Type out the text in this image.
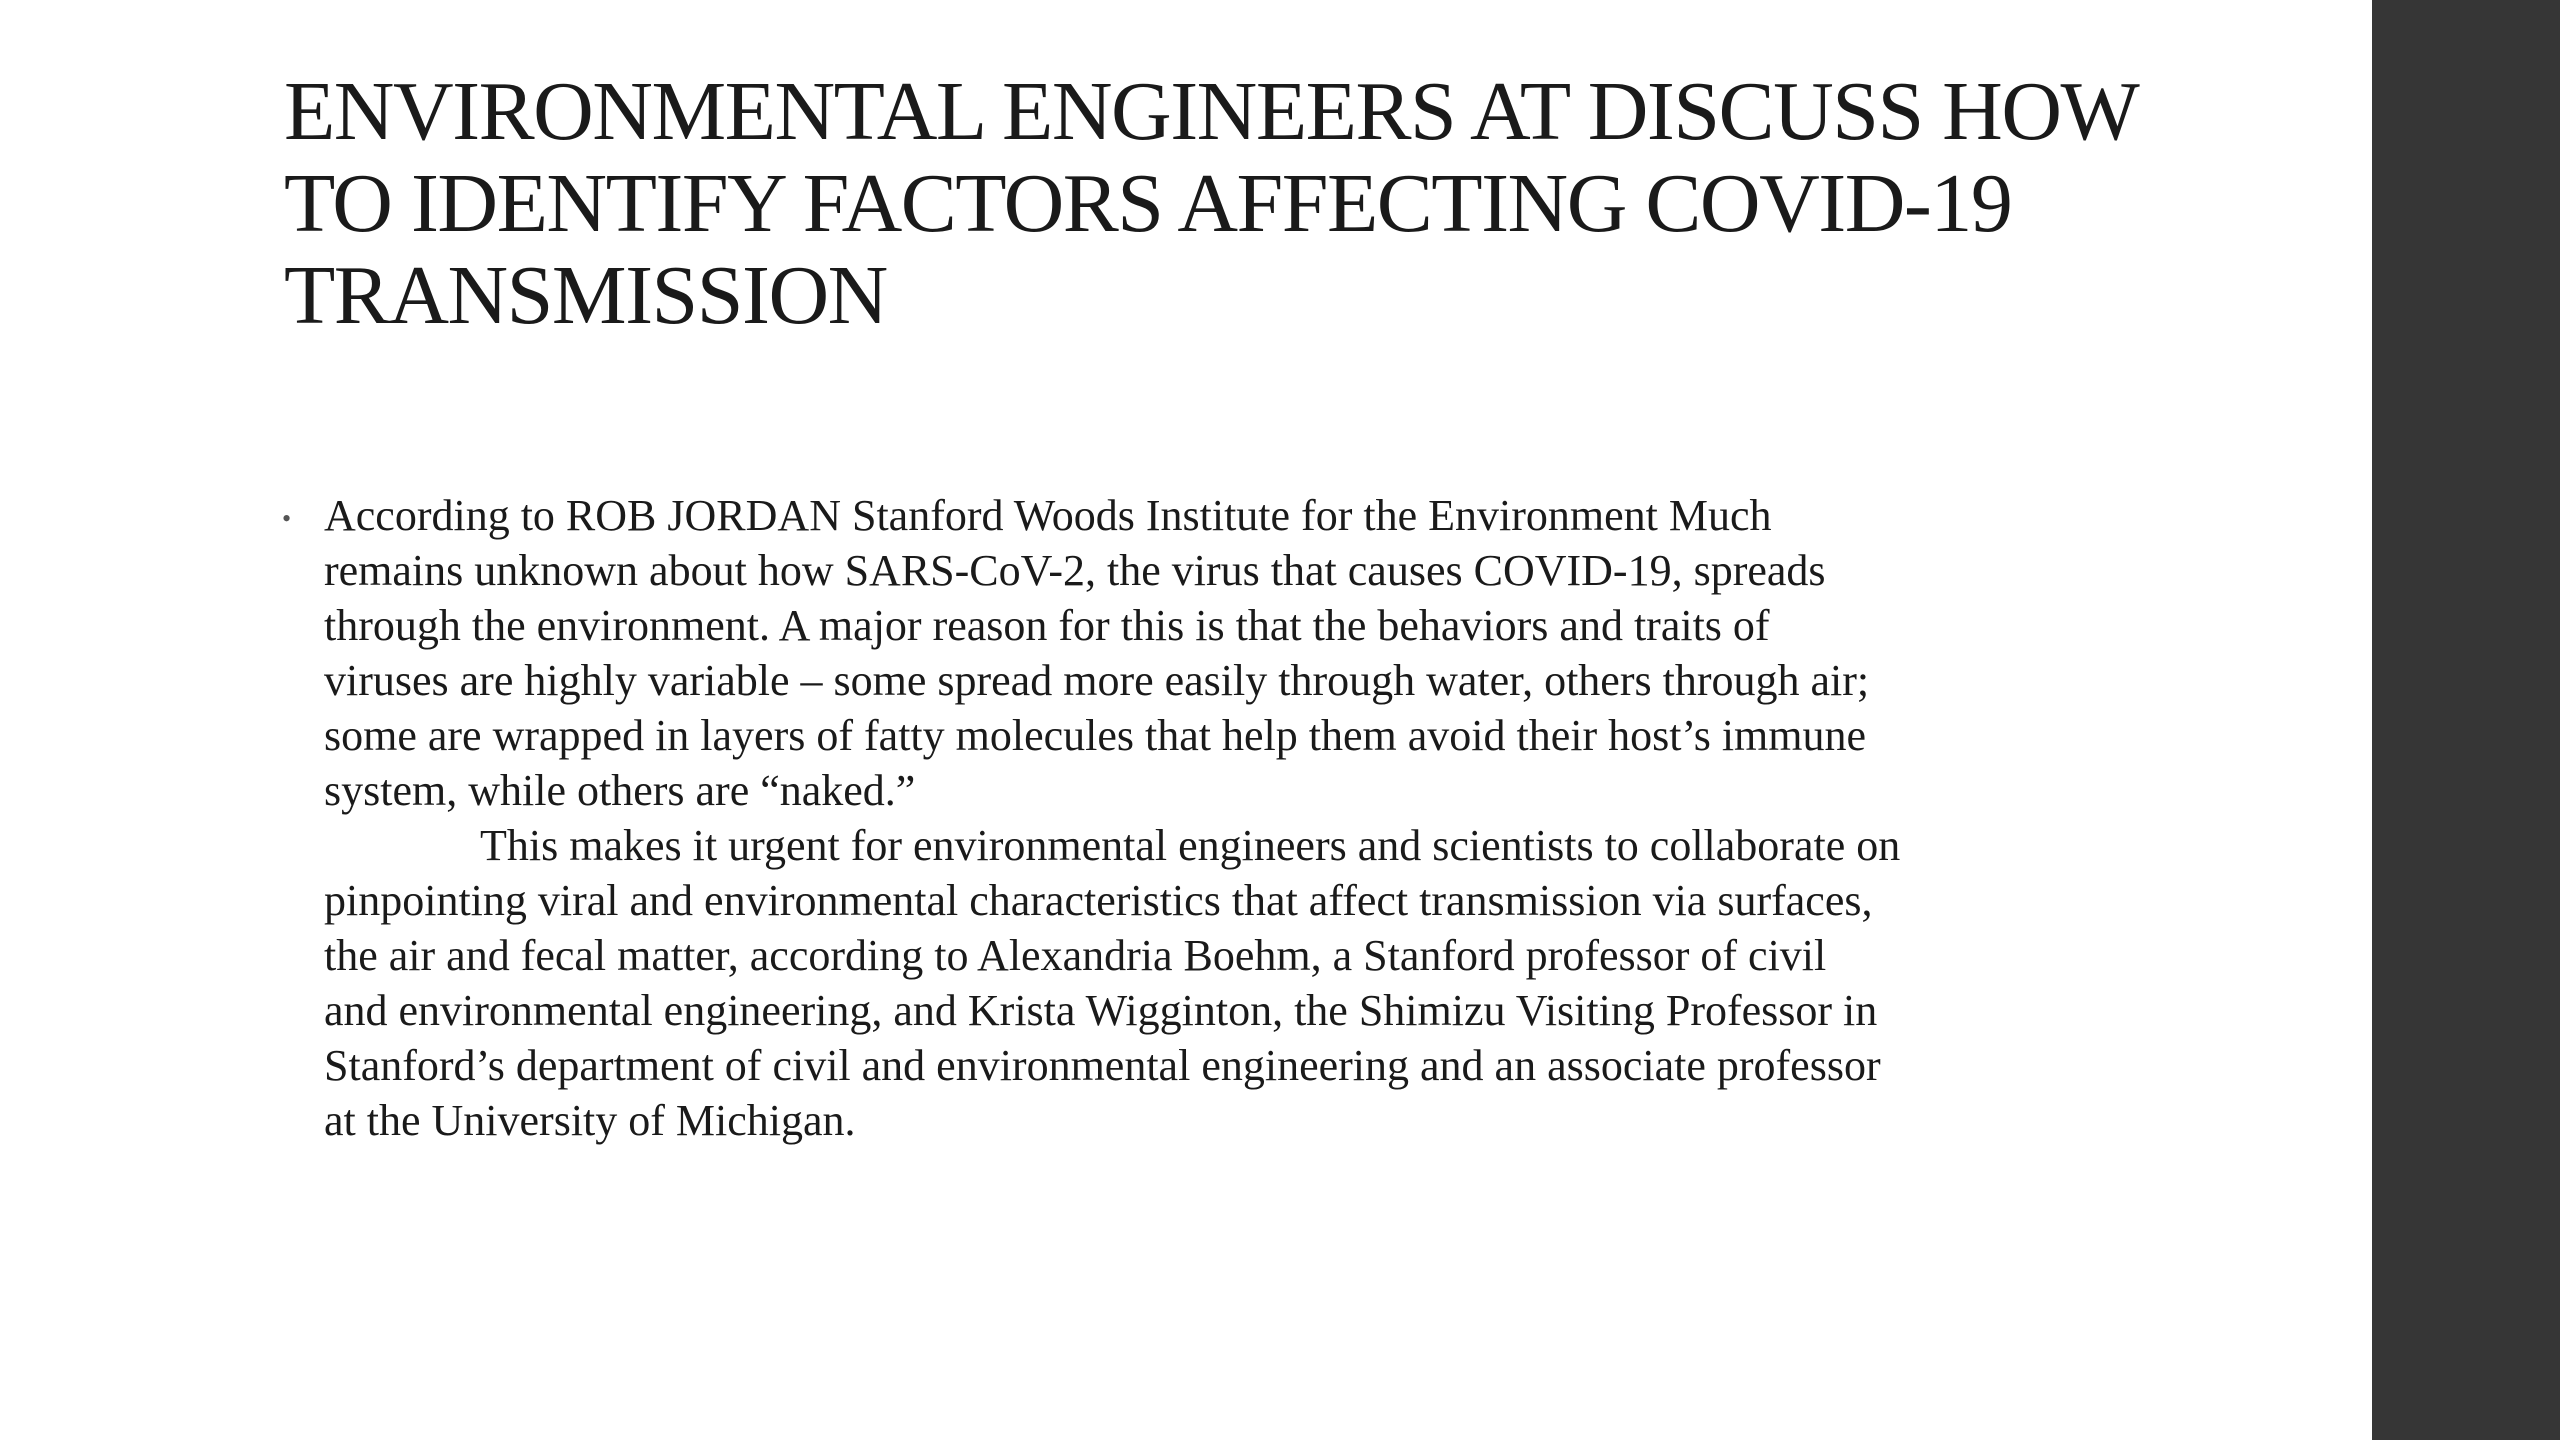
ENVIRONMENTAL ENGINEERS AT DISCUSS HOW
TO IDENTIFY FACTORS AFFECTING COVID-19
TRANSMISSION
• According to ROB JORDAN Stanford Woods Institute for the Environment Much
remains unknown about how SARS-CoV-2, the virus that causes COVID-19, spreads
through the environment. A major reason for this is that the behaviors and traits of
viruses are highly variable – some spread more easily through water, others through air;
some are wrapped in layers of fatty molecules that help them avoid their host’s immune
system, while others are “naked.”

This makes it urgent for environmental engineers and scientists to collaborate on
pinpointing viral and environmental characteristics that affect transmission via surfaces,
the air and fecal matter, according to Alexandria Boehm, a Stanford professor of civil
and environmental engineering, and Krista Wigginton, the Shimizu Visiting Professor in
Stanford’s department of civil and environmental engineering and an associate professor
at the University of Michigan.
